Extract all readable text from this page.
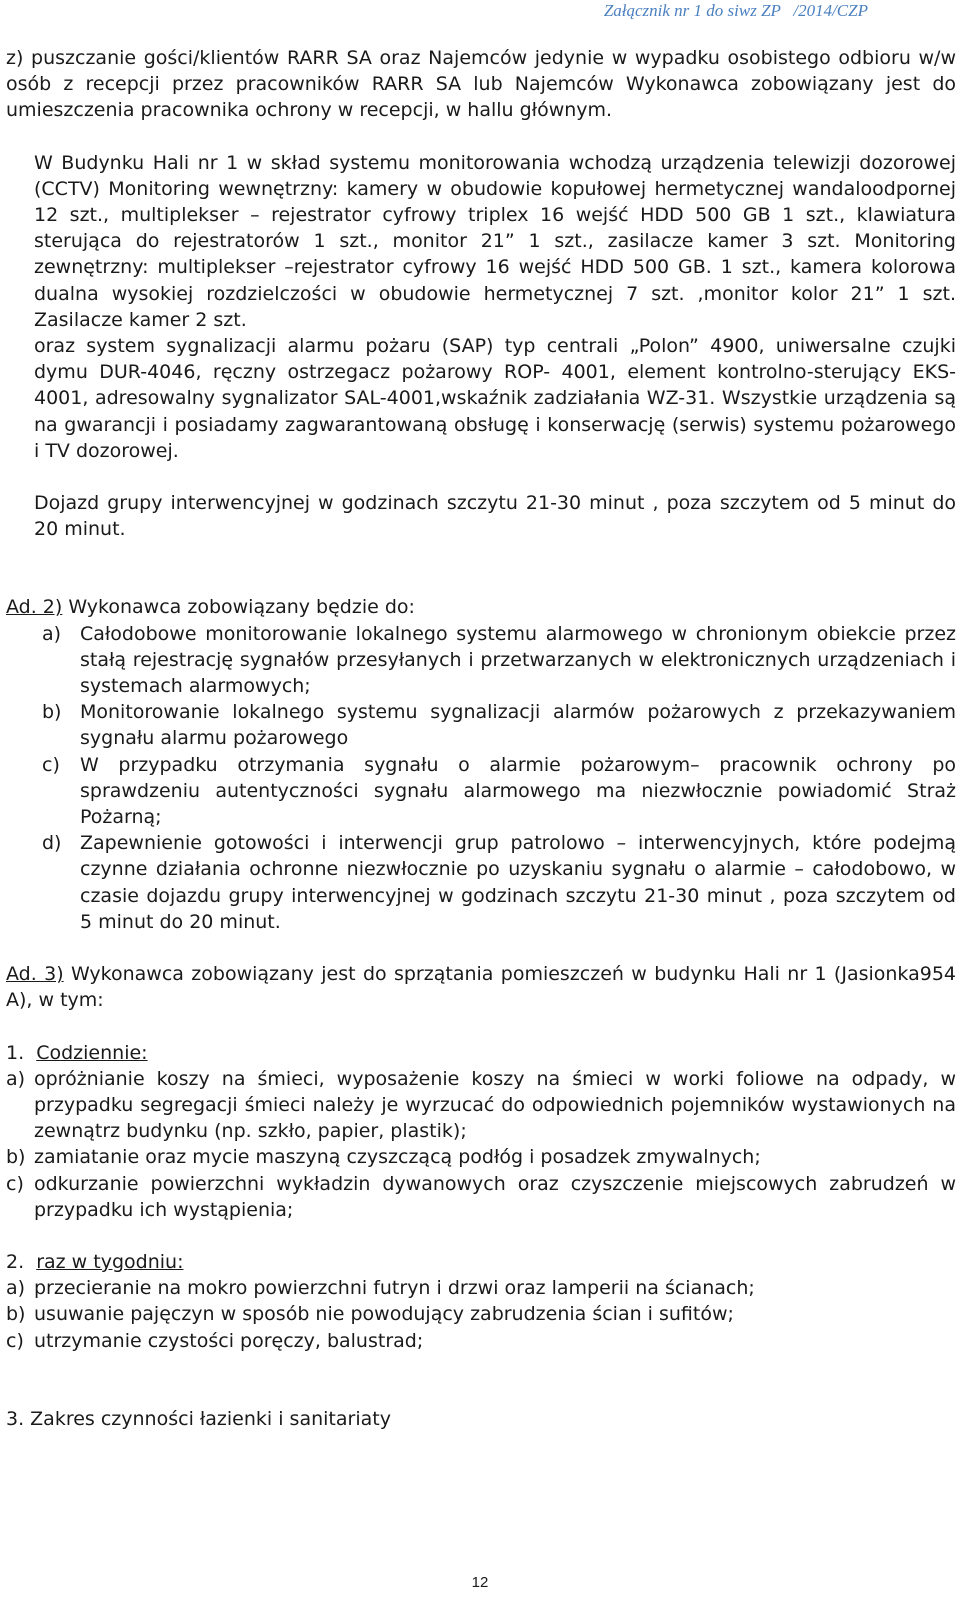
Załącznik nr 1 do siwz ZP   /2014/CZP

z) puszczanie gości/klientów RARR SA oraz Najemców jedynie w wypadku osobistego odbioru w/w osób z recepcji przez pracowników RARR SA lub Najemców Wykonawca zobowiązany jest do umieszczenia pracownika ochrony w recepcji, w hallu głównym.

W Budynku Hali nr 1 w skład systemu monitorowania wchodzą urządzenia telewizji dozorowej (CCTV) Monitoring wewnętrzny: kamery w obudowie kopułowej hermetycznej wandaloodpornej 12 szt., multiplekser – rejestrator cyfrowy triplex 16 wejść HDD 500 GB 1 szt., klawiatura sterująca do rejestratorów 1 szt., monitor 21” 1 szt., zasilacze kamer 3 szt. Monitoring zewnętrzny: multiplekser –rejestrator cyfrowy 16 wejść HDD 500 GB. 1 szt., kamera kolorowa dualna wysokiej rozdzielczości w obudowie hermetycznej 7 szt. ,monitor kolor 21” 1 szt. Zasilacze kamer 2 szt.

oraz system sygnalizacji alarmu pożaru (SAP) typ centrali „Polon” 4900, uniwersalne czujki dymu DUR-4046, ręczny ostrzegacz pożarowy ROP- 4001, element kontrolno-sterujący EKS- 4001, adresowalny sygnalizator SAL-4001,wskaźnik zadziałania WZ-31. Wszystkie urządzenia są na gwarancji i posiadamy zagwarantowaną obsługę i konserwację (serwis) systemu pożarowego i TV dozorowej.

Dojazd grupy interwencyjnej w godzinach szczytu 21-30 minut , poza szczytem od 5 minut do 20 minut.

Ad. 2) Wykonawca zobowiązany będzie do:

a) Całodobowe monitorowanie lokalnego systemu alarmowego w chronionym obiekcie przez stałą rejestrację sygnałów przesyłanych i przetwarzanych w elektronicznych urządzeniach i systemach alarmowych;
b) Monitorowanie lokalnego systemu sygnalizacji alarmów pożarowych z przekazywaniem sygnału alarmu pożarowego
c) W przypadku otrzymania sygnału o alarmie pożarowym– pracownik ochrony po sprawdzeniu autentyczności sygnału alarmowego ma niezwłocznie powiadomić Straż Pożarną;
d) Zapewnienie gotowości i interwencji grup patrolowo – interwencyjnych, które podejmą czynne działania ochronne niezwłocznie po uzyskaniu sygnału o alarmie – całodobowo, w czasie dojazdu grupy interwencyjnej w godzinach szczytu 21-30 minut , poza szczytem od 5 minut do 20 minut.

Ad. 3) Wykonawca zobowiązany jest do sprzątania pomieszczeń w budynku Hali nr 1 (Jasionka954 A), w tym:

1.  Codziennie:

a) opróżnianie koszy na śmieci, wyposażenie koszy na śmieci w worki foliowe na odpady, w przypadku segregacji śmieci należy je wyrzucać do odpowiednich pojemników wystawionych na zewnątrz budynku (np. szkło, papier, plastik);
b) zamiatanie oraz mycie maszyną czyszczącą podłóg i posadzek zmywalnych;
c) odkurzanie powierzchni wykładzin dywanowych oraz czyszczenie miejscowych zabrudzeń w przypadku ich wystąpienia;

2.  raz w tygodniu:

a) przecieranie na mokro powierzchni futryn i drzwi oraz lamperii na ścianach;
b) usuwanie pajęczyn w sposób nie powodujący zabrudzenia ścian i sufitów;
c) utrzymanie czystości poręczy, balustrad;

3. Zakres czynności łazienki i sanitariaty

12
